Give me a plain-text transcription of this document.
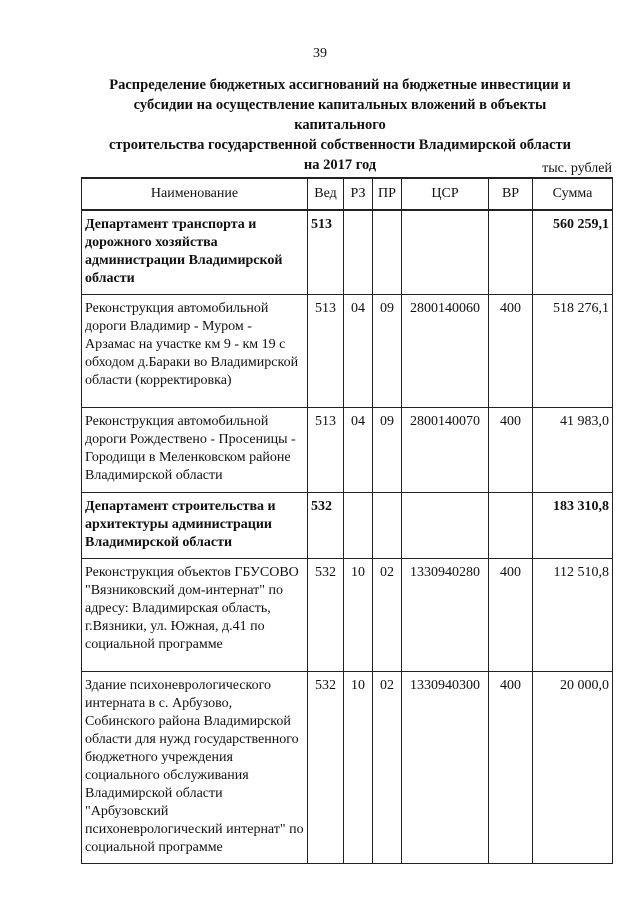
39
Распределение бюджетных ассигнований на бюджетные инвестиции и
субсидии на осуществление капитальных вложений в объекты капитального
строительства государственной собственности Владимирской области
на 2017 год	тыс. рублей
Наименование	Вед	РЗ	ПР	ЦСР	ВР	Сумма
Департамент транспорта и дорожного хозяйства администрации Владимирской области	513					560 259,1
Реконструкция автомобильной дороги Владимир - Муром - Арзамас на участке км 9 - км 19 с обходом д.Бараки во Владимирской области (корректировка)	513	04	09	2800140060	400	518 276,1
Реконструкция автомобильной дороги Рождествено - Просеницы - Городищи в Меленковском районе Владимирской области	513	04	09	2800140070	400	41 983,0
Департамент строительства и архитектуры администрации Владимирской области	532					183 310,8
Реконструкция объектов ГБУСОВО "Вязниковский дом-интернат" по адресу: Владимирская область, г.Вязники, ул. Южная, д.41 по социальной программе	532	10	02	1330940280	400	112 510,8
Здание психоневрологического интерната в с. Арбузово, Собинского района Владимирской области для нужд государственного бюджетного учреждения социального обслуживания Владимирской области "Арбузовский психоневрологический интернат" по социальной программе	532	10	02	1330940300	400	20 000,0
